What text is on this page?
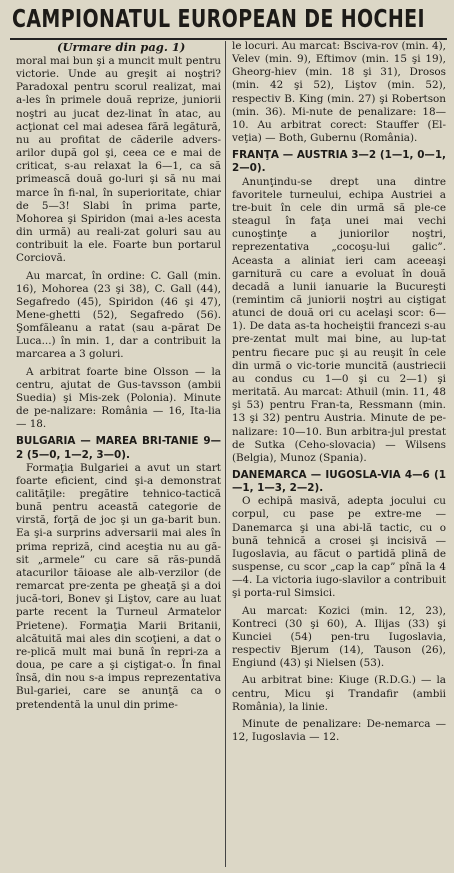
CAMPIONATUL EUROPEAN DE HOCHEI
(Urmare din pag. 1)

moral mai bun şi a muncit mult pentru victorie. Unde au greşit ai noştri? Paradoxal pentru scorul realizat, mai a-les în primele două reprize, juniorii noştri au jucat dez-linat în atac, au acţionat cel mai adesea fără legătură, nu au profitat de căderile advers-arilor după gol şi, ceea ce e mai de criticat, s-au relaxat la 6—1, ca să primească două go-luri şi să nu mai marce în fi-nal, în superioritate, chiar de 5—3! Slabi în prima parte, Mohorea şi Spiridon (mai a-les acesta din urmă) au reali-zat goluri sau au contribuit la ele. Foarte bun portarul Corciovă.

Au marcat, în ordine: C. Gall (min. 16), Mohorea (23 şi 38), C. Gall (44), Segafredo (45), Spiridon (46 şi 47), Mene-ghetti (52), Segafredo (56). Şomfăleanu a ratat (sau a-părat De Luca...) în min. 1, dar a contribuit la marcarea a 3 goluri.

A arbitrat foarte bine Olsson — la centru, ajutat de Gus-tavsson (ambii Suedia) şi Mis-zek (Polonia). Minute de pe-nalizare: România — 16, Ita-lia — 18.

BULGARIA — MAREA BRI-TANIE 9—2 (5—0, 1—2, 3—0).

Formaţia Bulgariei a avut un start foarte eficient, cind şi-a demonstrat calităţile: pregătire tehnico-tactică bună pentru această categorie de virstă, forţă de joc şi un ga-barit bun. Ea şi-a surprins adversarii mai ales în prima repriză, cind aceştia nu au gă-sit „armele” cu care să răs-pundă atacurilor tăioase ale alb-verzilor (de remarcat pre-zenta pe gheaţă şi a doi jucă-tori, Bonev şi Liştov, care au luat parte recent la Turneul Armatelor Prietene). Formaţia Marii Britanii, alcătuită mai ales din scoţieni, a dat o re-plică mult mai bună în repri-za a doua, pe care a şi ciştigat-o. În final însă, din nou s-a impus reprezentativa Bul-gariei, care se anunţă ca o pretendentă la unul din prime-

le locuri. Au marcat: Bsciva-rov (min. 4), Velev (min. 9), Eftimov (min. 15 şi 19), Gheorg-hiev (min. 18 şi 31), Drosos (min. 42 şi 52), Liştov (min. 52), respectiv B. King (min. 27) şi Robertson (min. 36). Mi-nute de penalizare: 18—10. Au arbitrat corect: Stauffer (El-veţia) — Both, Gubernu (România).

FRANŢA — AUSTRIA 3—2 (1—1, 0—1, 2—0).

Anunţindu-se drept una dintre favoritele turneului, echipa Austriei a tre-buit în cele din urmă să ple-ce steagul în faţa unei mai vechi cunoştinţe a juniorilor noştri, reprezentativa „cocoşu-lui galic”. Aceasta a aliniat ieri cam aceeaşi garnitură cu care a evoluat în două decadă a lunii ianuarie la Bucureşti (remintim că juniorii noştri au ciştigat atunci de două ori cu acelaşi scor: 6—1). De data as-ta hocheiştii francezi s-au pre-zentat mult mai bine, au lup-tat pentru fiecare puc şi au reuşit în cele din urmă o vic-torie muncită (austriecii au condus cu 1—0 şi cu 2—1) şi meritată. Au marcat: Athuil (min. 11, 48 şi 53) pentru Fran-ta, Ressmann (min. 13 şi 32) pentru Austria. Minute de pe-nalizare: 10—10. Bun arbitra-jul prestat de Sutka (Ceho-slovacia) — Wilsens (Belgia), Munoz (Spania).

DANEMARCA — IUGOSLA-VIA 4—6 (1—1, 1—3, 2—2).

O echipă masivă, adepta jocului cu corpul, cu pase pe extre-me — Danemarca şi una abi-lă tactic, cu o bună tehnică a crosei şi incisivă — Iugoslavia, au făcut o partidă plină de suspense, cu scor „cap la cap” pînă la 4—4. La victoria iugo-slavilor a contribuit şi porta-rul Simsici.

Au marcat: Kozici (min. 12, 23), Kontreci (30 şi 60), A. Ilijas (33) şi Kunciei (54) pen-tru Iugoslavia, respectiv Bjerum (14), Tauson (26), Engiund (43) şi Nielsen (53).

Au arbitrat bine: Kiuge (R.D.G.) — la centru, Micu şi Trandafir (ambii România), la linie.

Minute de penalizare: De-nemarca — 12, Iugoslavia — 12.
